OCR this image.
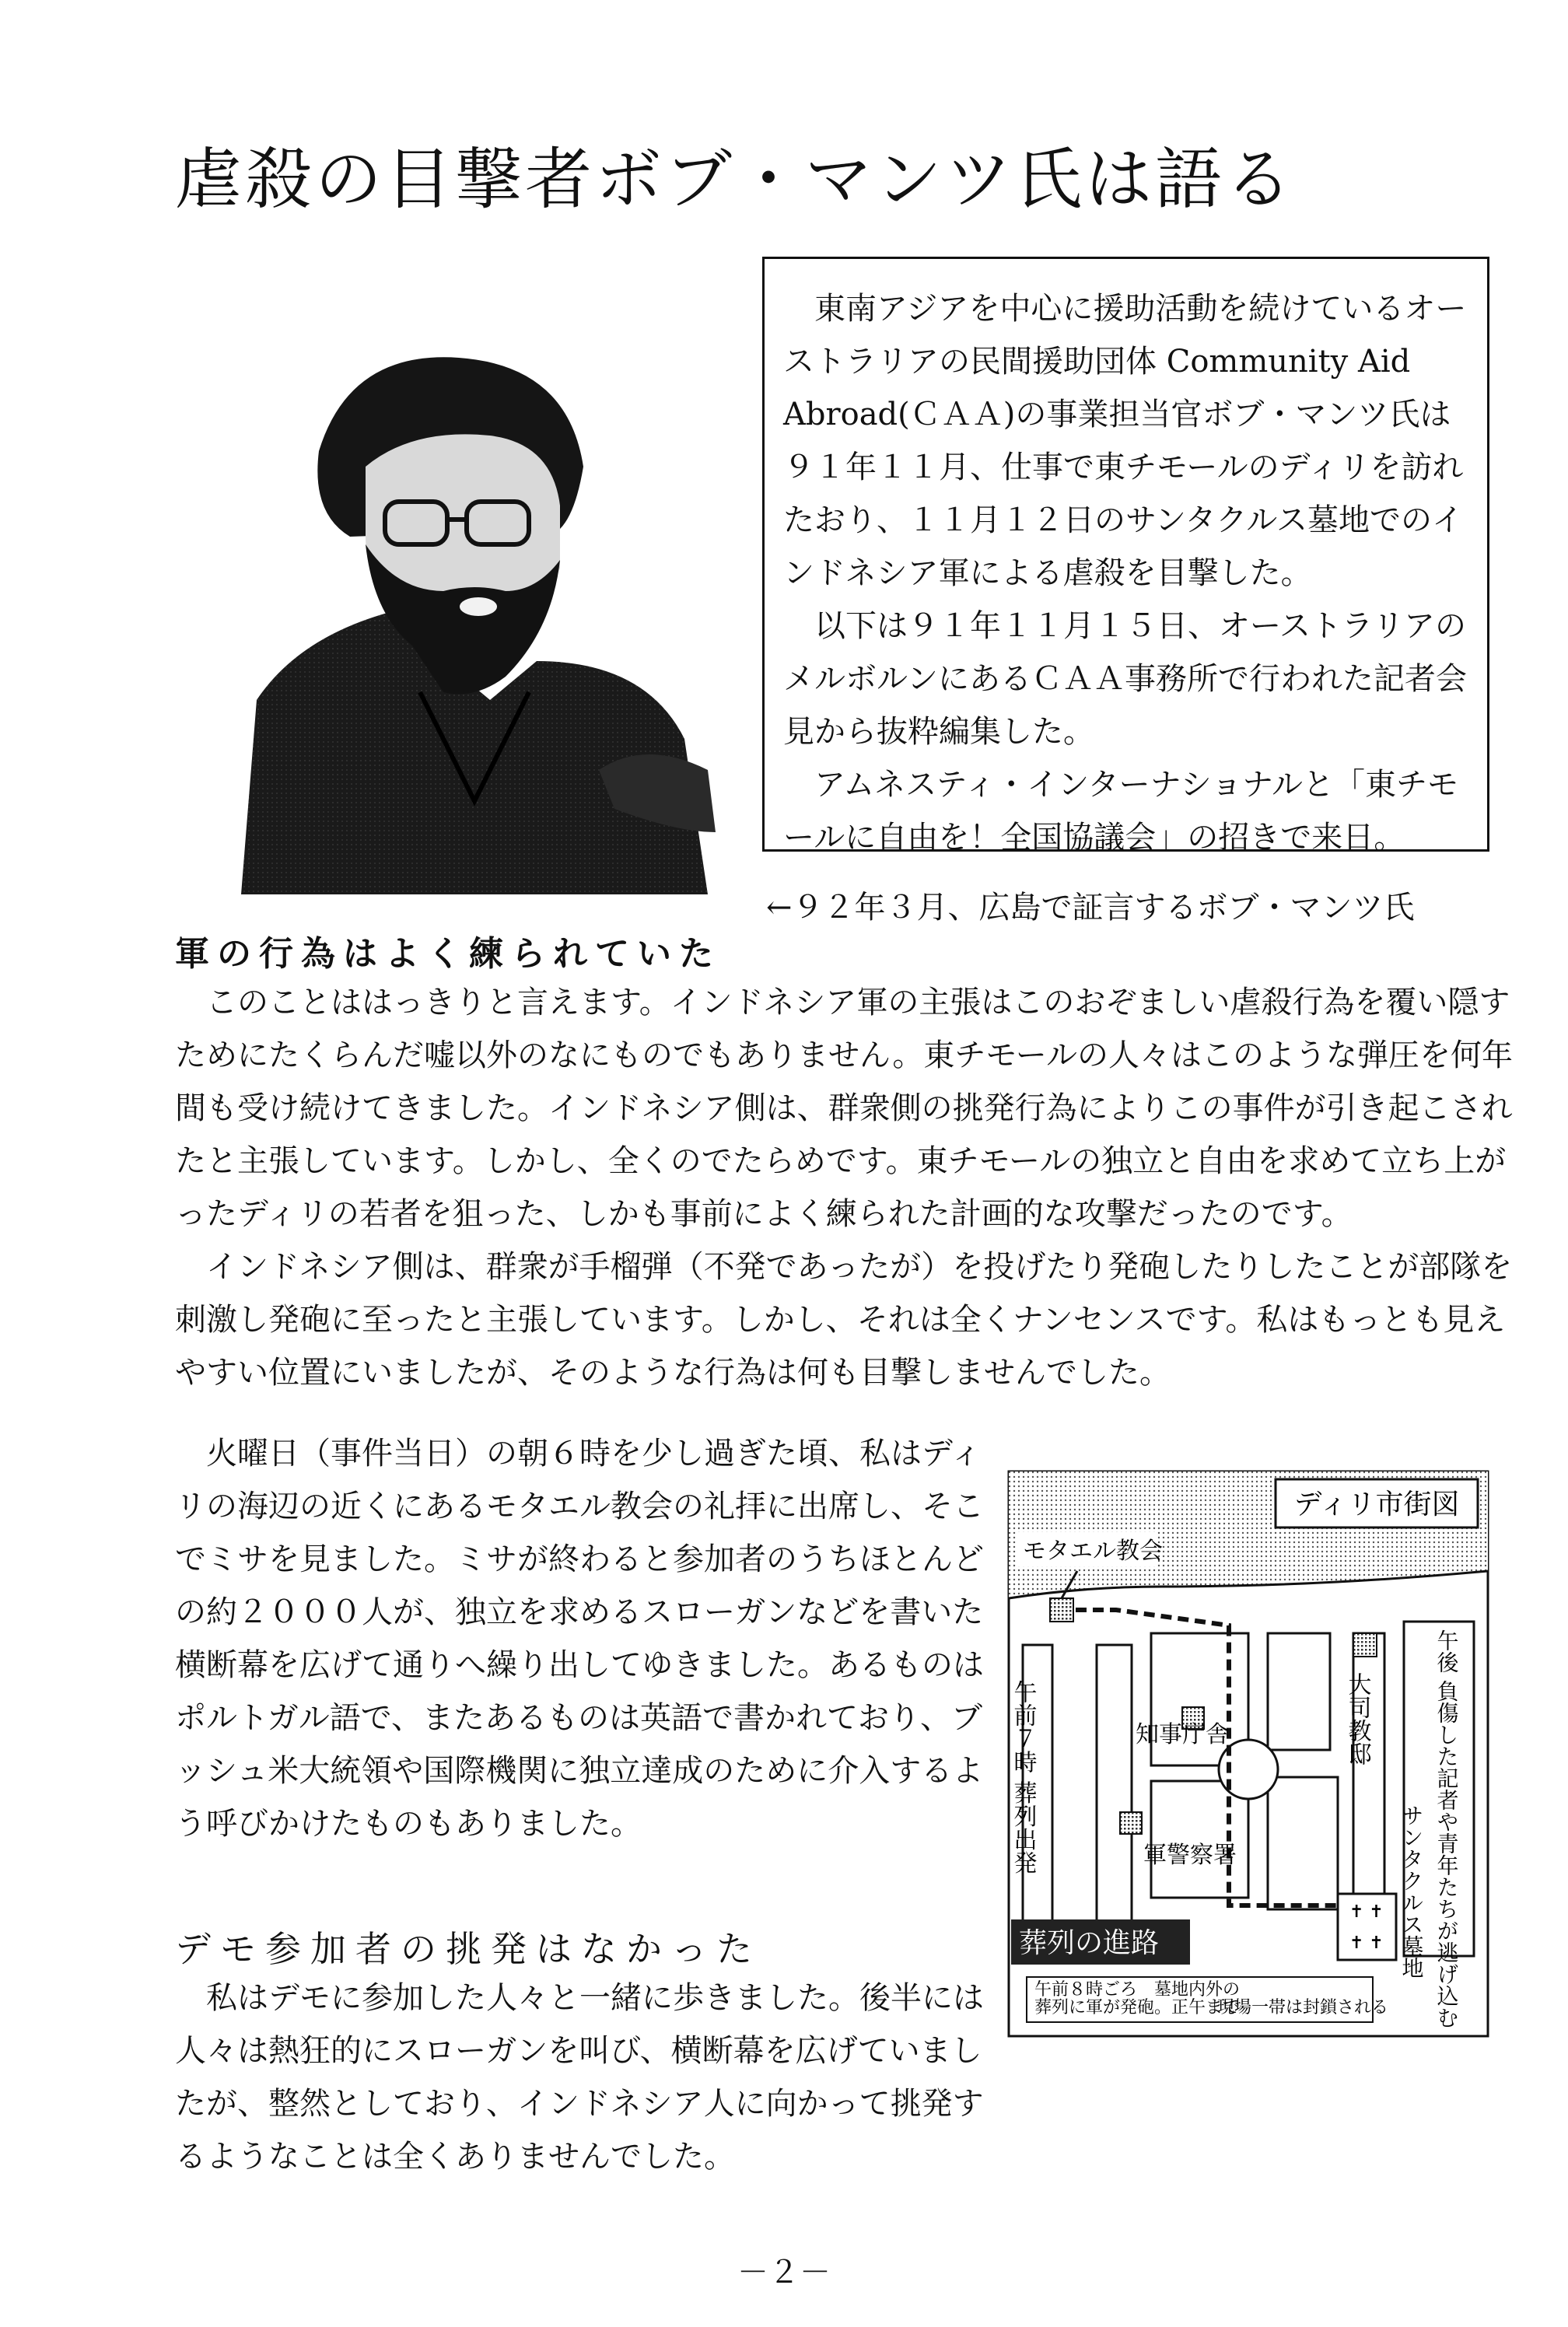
虐殺の目撃者ボブ・マンツ氏は語る

東南アジアを中心に援助活動を続けているオーストラリアの民間援助団体 Community Aid Abroad(ＣＡＡ)の事業担当官ボブ・マンツ氏は９１年１１月、仕事で東チモールのディリを訪れたおり、１１月１２日のサンタクルス墓地でのインドネシア軍による虐殺を目撃した。

以下は９１年１１月１５日、オーストラリアのメルボルンにあるＣＡＡ事務所で行われた記者会見から抜粋編集した。

アムネスティ・インターナショナルと「東チモールに自由を！全国協議会」の招きで来日。

←９２年３月、広島で証言するボブ・マンツ氏
軍の行為はよく練られていた

このことははっきりと言えます。インドネシア軍の主張はこのおぞましい虐殺行為を覆い隠すためにたくらんだ嘘以外のなにものでもありません。東チモールの人々はこのような弾圧を何年間も受け続けてきました。インドネシア側は、群衆側の挑発行為によりこの事件が引き起こされたと主張しています。しかし、全くのでたらめです。東チモールの独立と自由を求めて立ち上がったディリの若者を狙った、しかも事前によく練られた計画的な攻撃だったのです。

インドネシア側は、群衆が手榴弾（不発であったが）を投げたり発砲したりしたことが部隊を刺激し発砲に至ったと主張しています。しかし、それは全くナンセンスです。私はもっとも見えやすい位置にいましたが、そのような行為は何も目撃しませんでした。

火曜日（事件当日）の朝６時を少し過ぎた頃、私はディリの海辺の近くにあるモタエル教会の礼拝に出席し、そこでミサを見ました。ミサが終わると参加者のうちほとんどの約２０００人が、独立を求めるスローガンなどを書いた横断幕を広げて通りへ繰り出してゆきました。あるものはポルトガル語で、またあるものは英語で書かれており、ブッシュ米大統領や国際機関に独立達成のために介入するよう呼びかけたものもありました。

デモ参加者の挑発はなかった

私はデモに参加した人々と一緒に歩きました。後半には人々は熱狂的にスローガンを叫び、横断幕を広げていましたが、整然としており、インドネシア人に向かって挑発するようなことは全くありませんでした。

ディリ市街図
モタエル教会
✝ ✝
✝ ✝
知事庁舎
軍警察署
大司教邸
午前７時 葬列出発	午後 負傷した記者や青年たちが逃げ込む
サンタクルス墓地
葬列の進路
午前８時ごろ　墓地内外の
葬列に軍が発砲。正午まで
現場一帯は封鎖される
－２－
